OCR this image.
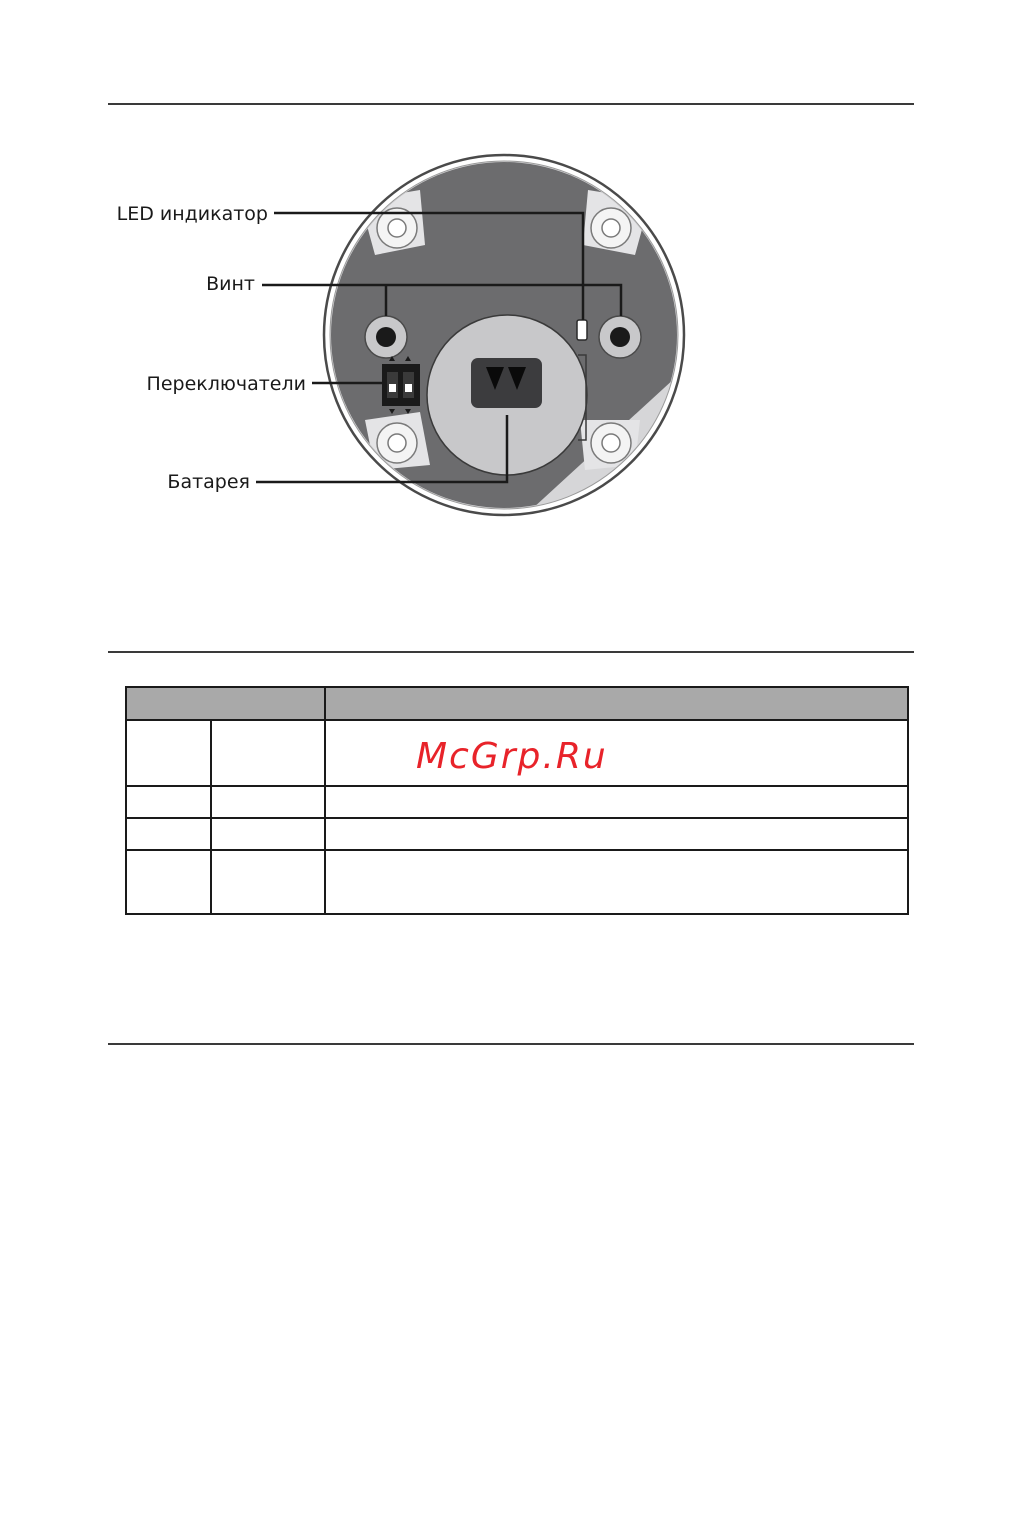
LED индикатор
Винт
Переключатели
Батарея

McGrp.Ru
